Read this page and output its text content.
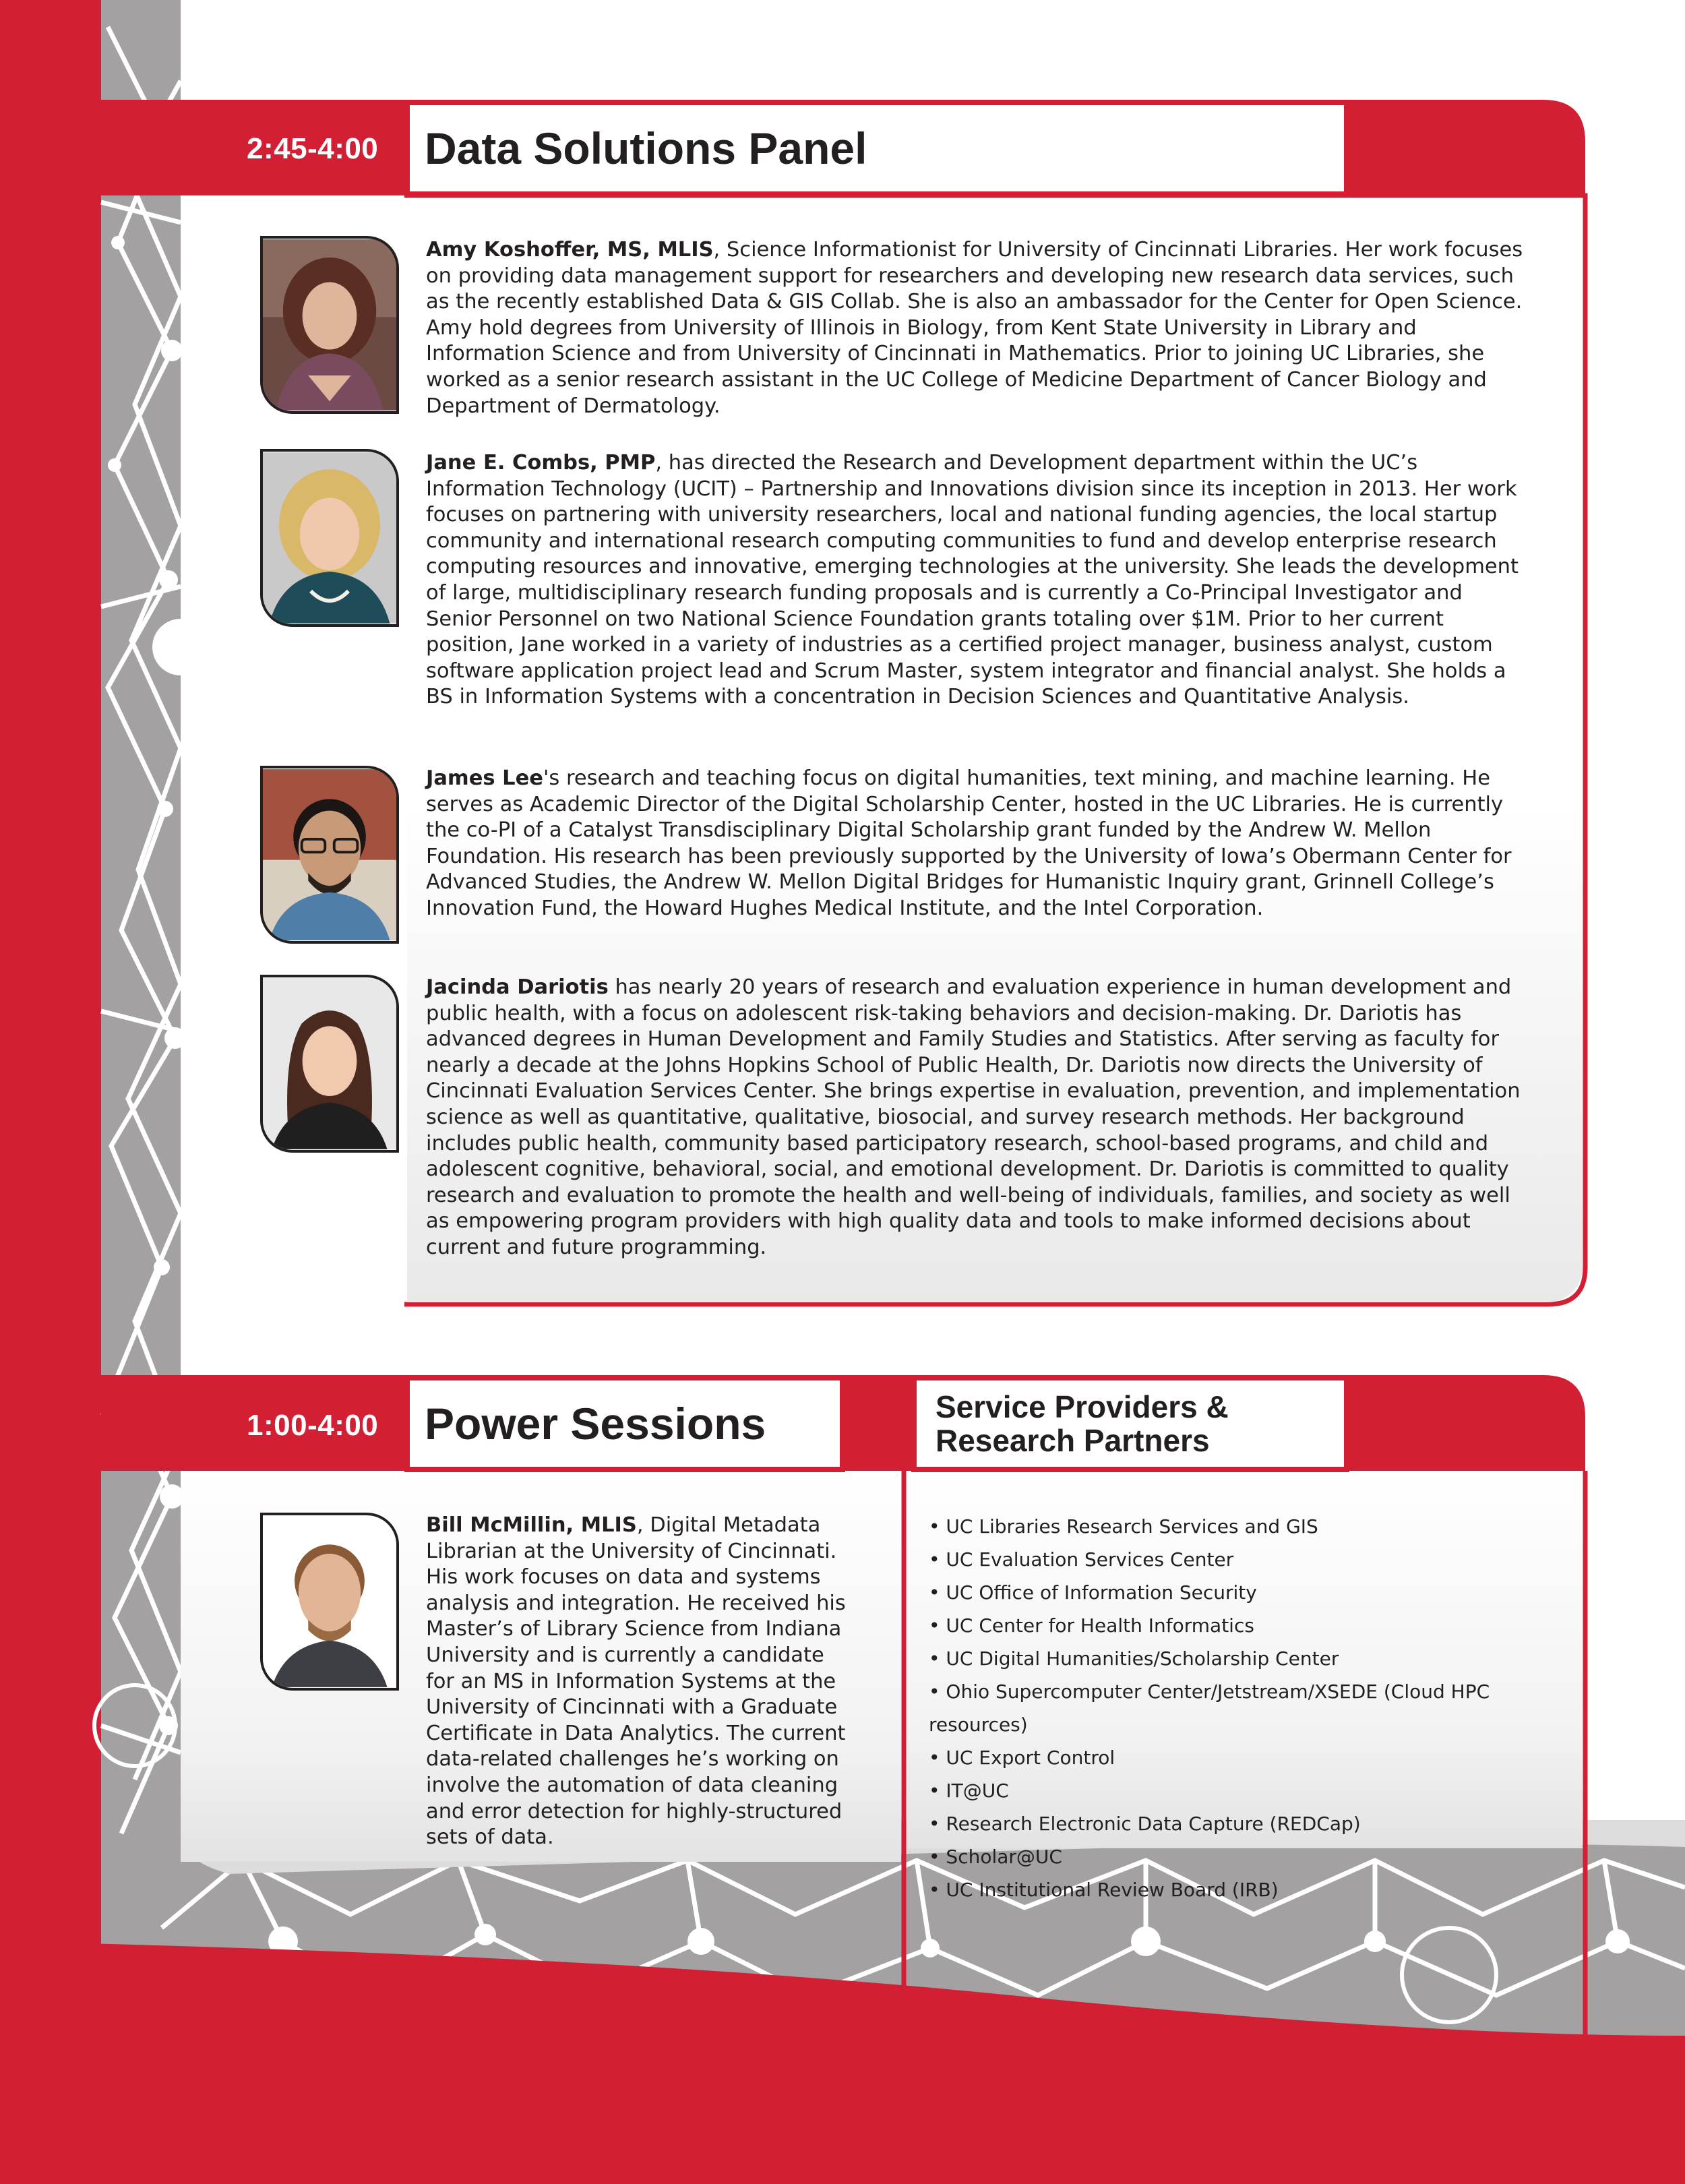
2:45-4:00 Data Solutions Panel

Amy Koshoffer, MS, MLIS, Science Informationist for University of Cincinnati Libraries. Her work focuses on providing data management support for researchers and developing new research data services, such as the recently established Data & GIS Collab. She is also an ambassador for the Center for Open Science. Amy hold degrees from University of Illinois in Biology, from Kent State University in Library and Information Science and from University of Cincinnati in Mathematics. Prior to joining UC Libraries, she worked as a senior research assistant in the UC College of Medicine Department of Cancer Biology and Department of Dermatology.

Jane E. Combs, PMP, has directed the Research and Development department within the UC’s Information Technology (UCIT) – Partnership and Innovations division since its inception in 2013. Her work focuses on partnering with university researchers, local and national funding agencies, the local startup community and international research computing communities to fund and develop enterprise research computing resources and innovative, emerging technologies at the university. She leads the development of large, multidisciplinary research funding proposals and is currently a Co-Principal Investigator and Senior Personnel on two National Science Foundation grants totaling over $1M. Prior to her current position, Jane worked in a variety of industries as a certified project manager, business analyst, custom software application project lead and Scrum Master, system integrator and financial analyst. She holds a BS in Information Systems with a concentration in Decision Sciences and Quantitative Analysis.

James Lee's research and teaching focus on digital humanities, text mining, and machine learning. He serves as Academic Director of the Digital Scholarship Center, hosted in the UC Libraries. He is currently the co-PI of a Catalyst Transdisciplinary Digital Scholarship grant funded by the Andrew W. Mellon Foundation. His research has been previously supported by the University of Iowa’s Obermann Center for Advanced Studies, the Andrew W. Mellon Digital Bridges for Humanistic Inquiry grant, Grinnell College’s Innovation Fund, the Howard Hughes Medical Institute, and the Intel Corporation.

Jacinda Dariotis has nearly 20 years of research and evaluation experience in human development and public health, with a focus on adolescent risk-taking behaviors and decision-making. Dr. Dariotis has advanced degrees in Human Development and Family Studies and Statistics. After serving as faculty for nearly a decade at the Johns Hopkins School of Public Health, Dr. Dariotis now directs the University of Cincinnati Evaluation Services Center. She brings expertise in evaluation, prevention, and implementation science as well as quantitative, qualitative, biosocial, and survey research methods. Her background includes public health, community based participatory research, school-based programs, and child and adolescent cognitive, behavioral, social, and emotional development. Dr. Dariotis is committed to quality research and evaluation to promote the health and well-being of individuals, families, and society as well as empowering program providers with high quality data and tools to make informed decisions about current and future programming.

1:00-4:00 Power Sessions

Bill McMillin, MLIS, Digital Metadata Librarian at the University of Cincinnati. His work focuses on data and systems analysis and integration. He received his Master’s of Library Science from Indiana University and is currently a candidate for an MS in Information Systems at the University of Cincinnati with a Graduate Certificate in Data Analytics. The current data-related challenges he’s working on involve the automation of data cleaning and error detection for highly-structured sets of data.

Service Providers &
Research Partners
• UC Libraries Research Services and GIS
• UC Evaluation Services Center
• UC Office of Information Security
• UC Center for Health Informatics
• UC Digital Humanities/Scholarship Center
• Ohio Supercomputer Center/Jetstream/XSEDE (Cloud HPC resources)
• UC Export Control
• IT@UC
• Research Electronic Data Capture (REDCap)
• Scholar@UC
• UC Institutional Review Board (IRB)
